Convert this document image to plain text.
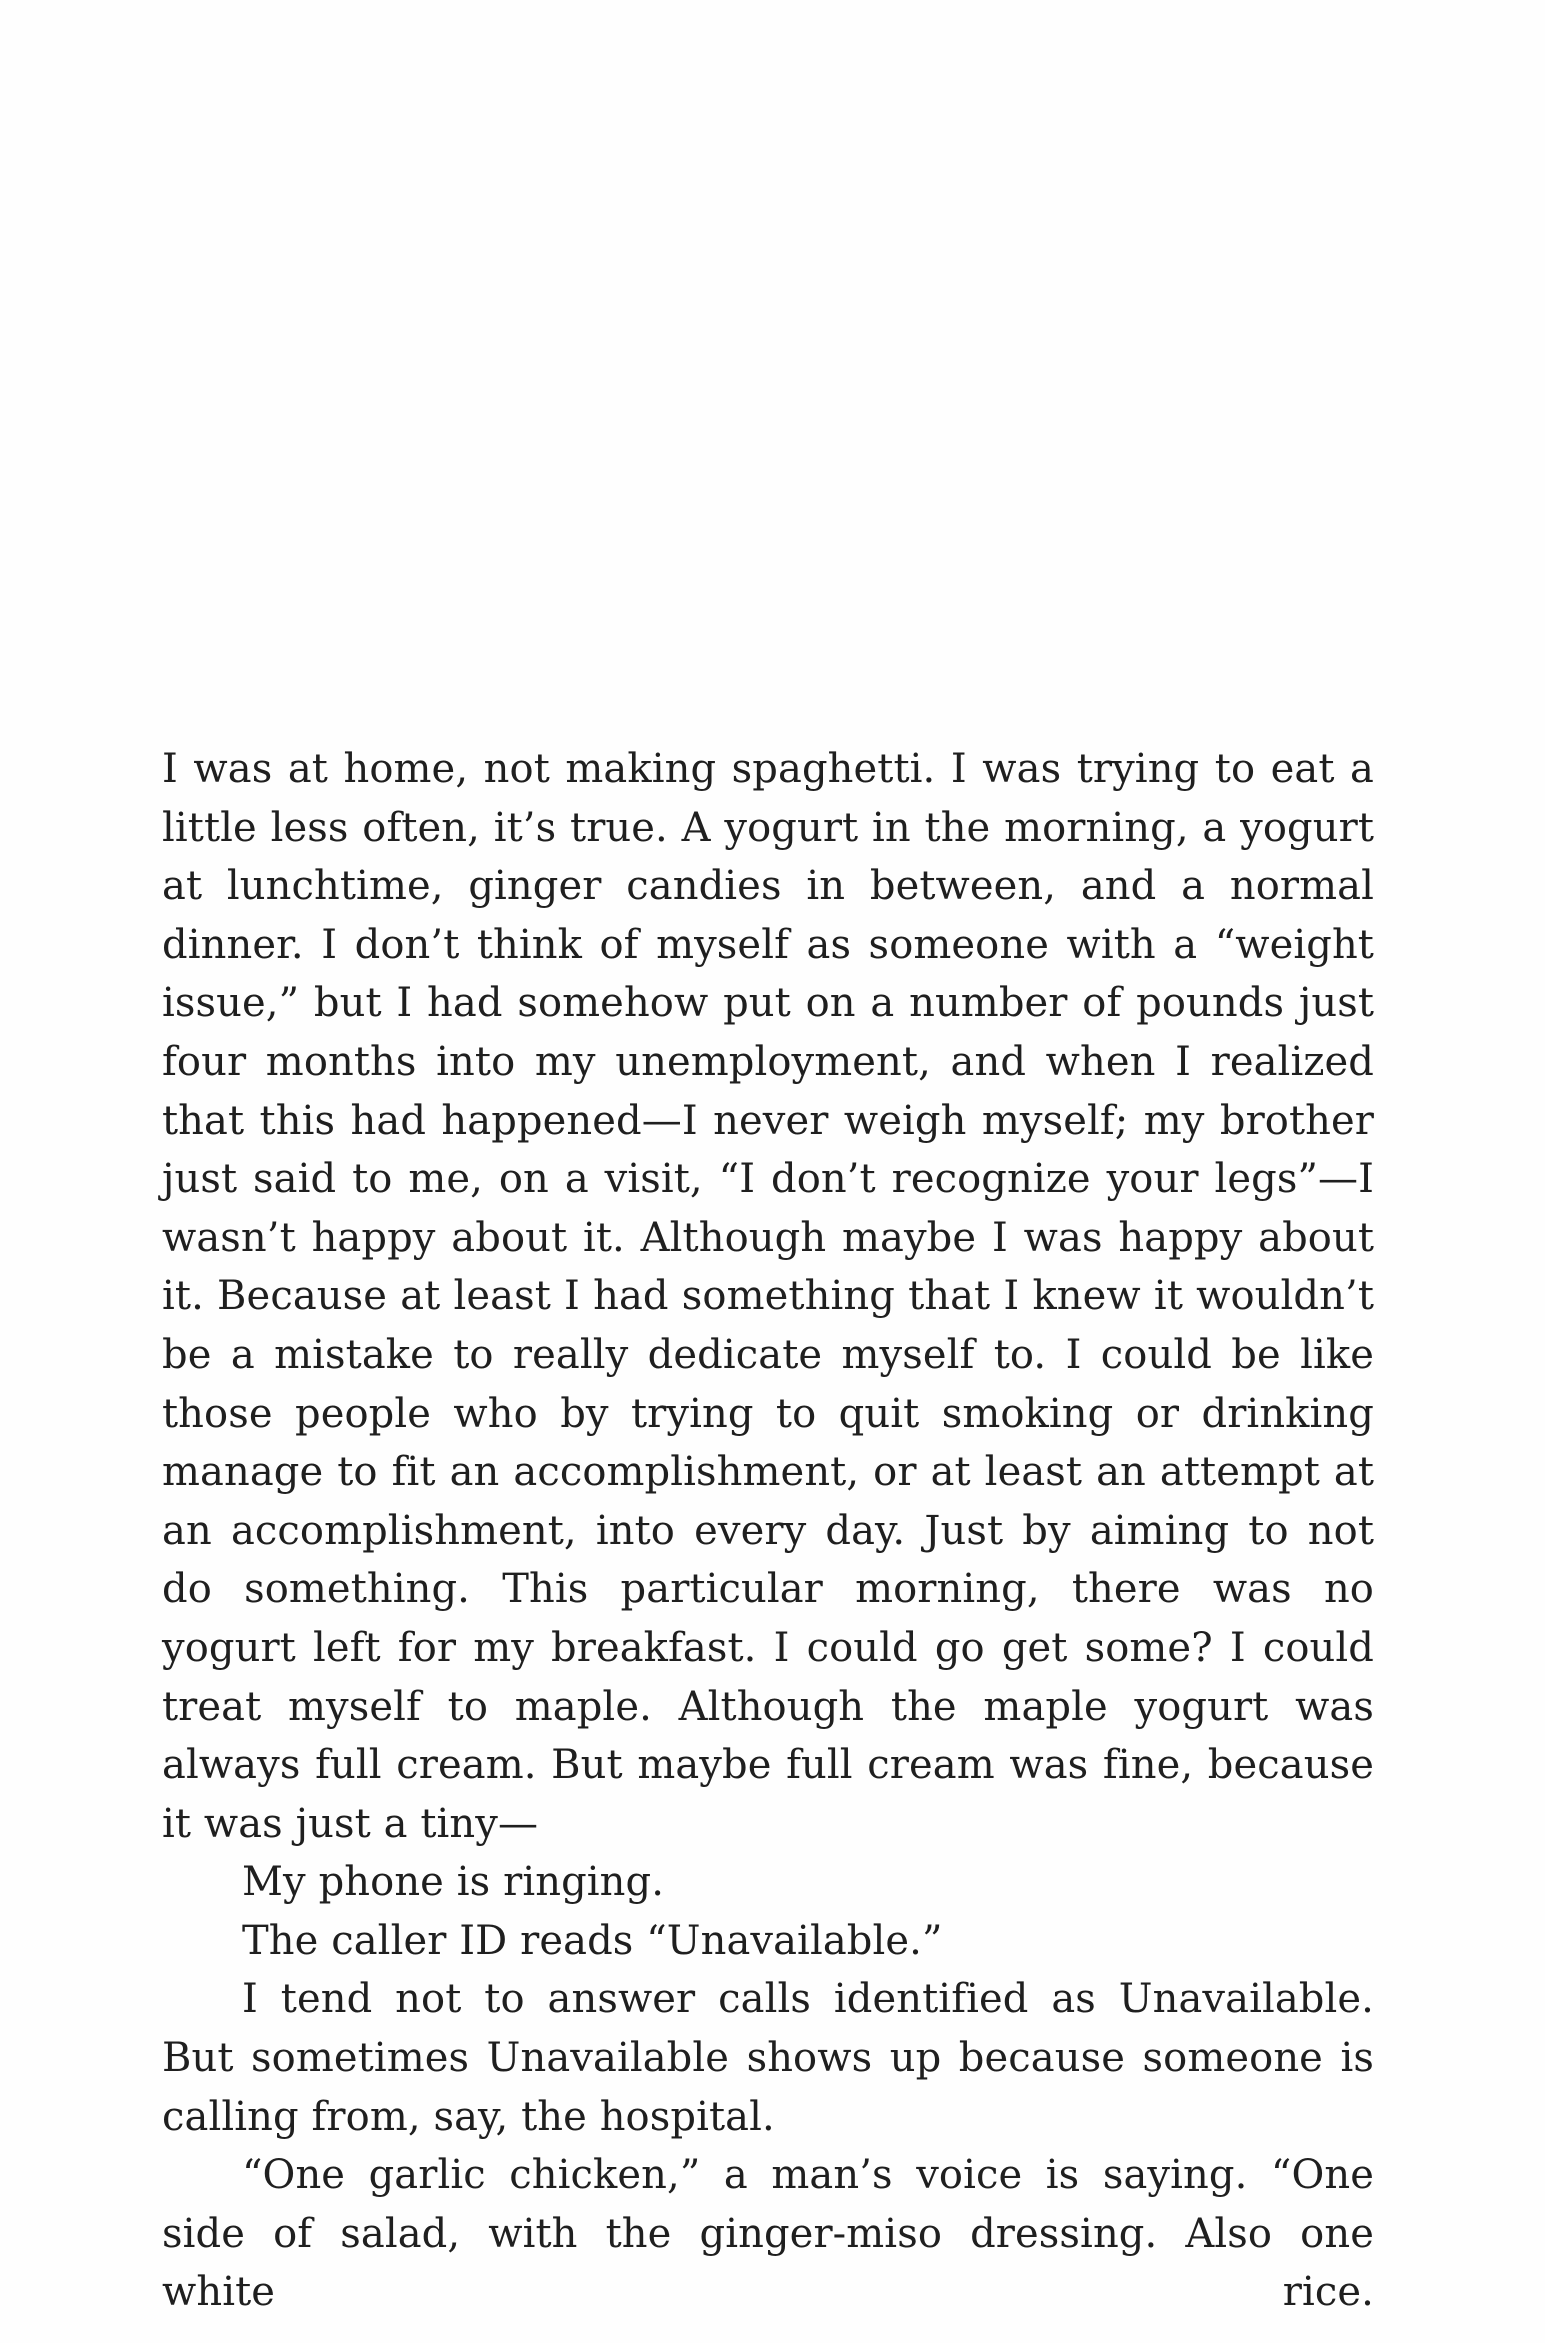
I was at home, not making spaghetti. I was trying to eat a little less often, it’s true. A yogurt in the morning, a yogurt at lunchtime, ginger candies in between, and a normal dinner. I don’t think of myself as someone with a “weight issue,” but I had somehow put on a number of pounds just four months into my unemployment, and when I realized that this had happened—I never weigh myself; my brother just said to me, on a visit, “I don’t recognize your legs”—I wasn’t happy about it. Although maybe I was happy about it. Because at least I had something that I knew it wouldn’t be a mistake to really dedicate myself to. I could be like those people who by trying to quit smoking or drinking manage to fit an accomplishment, or at least an attempt at an accomplishment, into every day. Just by aiming to not do something. This particular morning, there was no yogurt left for my breakfast. I could go get some? I could treat myself to maple. Although the maple yogurt was always full cream. But maybe full cream was fine, because it was just a tiny—

My phone is ringing.

The caller ID reads “Unavailable.”

I tend not to answer calls identified as Unavailable. But sometimes Unavailable shows up because someone is calling from, say, the hospital.

“One garlic chicken,” a man’s voice is saying. “One side of salad, with the ginger-miso dressing. Also one white rice.
